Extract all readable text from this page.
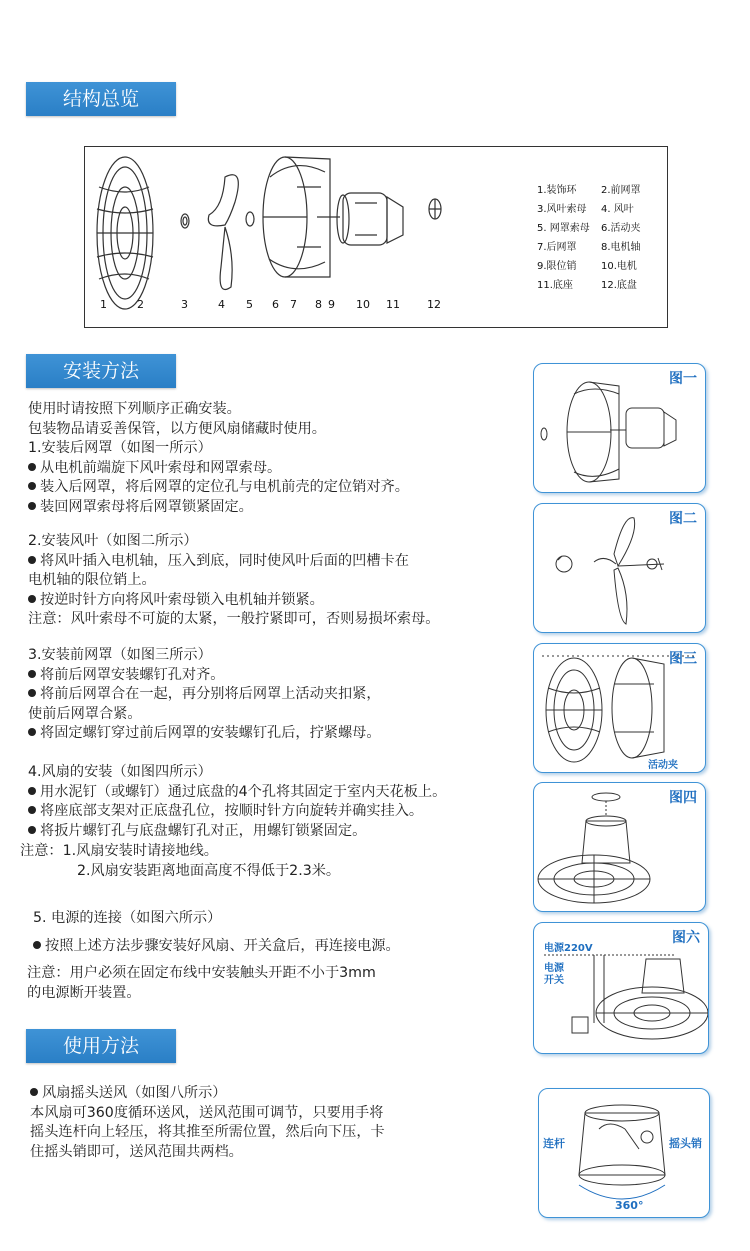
结构总览
1	2	3	4 5 6 7 8 9 10 11 12
1.装饰环 2.前网罩
3.风叶索母 4. 风叶
5. 网罩索母 6.活动夹
7.后网罩 8.电机轴
9.限位销 10.电机
11.底座	12.底盘
安装方法
使用时请按照下列顺序正确安装。
包装物品请妥善保管，以方便风扇储藏时使用。
1.安装后网罩（如图一所示）
从电机前端旋下风叶索母和网罩索母。
装入后网罩，将后网罩的定位孔与电机前壳的定位销对齐。
装回网罩索母将后网罩锁紧固定。
2.安装风叶（如图二所示）
将风叶插入电机轴，压入到底，同时使风叶后面的凹槽卡在
电机轴的限位销上。
按逆时针方向将风叶索母锁入电机轴并锁紧。
注意：风叶索母不可旋的太紧，一般拧紧即可，否则易损坏索母。
3.安装前网罩（如图三所示）
将前后网罩安装螺钉孔对齐。
将前后网罩合在一起，再分别将后网罩上活动夹扣紧，
使前后网罩合紧。
将固定螺钉穿过前后网罩的安装螺钉孔后，拧紧螺母。
4.风扇的安装（如图四所示）
用水泥钉（或螺钉）通过底盘的4个孔将其固定于室内天花板上。
将座底部支架对正底盘孔位，按顺时针方向旋转并确实挂入。
将扳片螺钉孔与底盘螺钉孔对正，用螺钉锁紧固定。
注意：1.风扇安装时请接地线。
2.风扇安装距离地面高度不得低于2.3米。
5. 电源的连接（如图六所示）
按照上述方法步骤安装好风扇、开关盒后，再连接电源。
注意：用户必须在固定布线中安装触头开距不小于3mm
的电源断开装置。
使用方法
风扇摇头送风（如图八所示）
本风扇可360度循环送风，送风范围可调节，只要用手将
摇头连杆向上轻压，将其推至所需位置，然后向下压，卡
住摇头销即可，送风范围共两档。
图一
图二
图三
活动夹
图四
图六
电源220V
电源
开关
连杆	摇头销
360°
